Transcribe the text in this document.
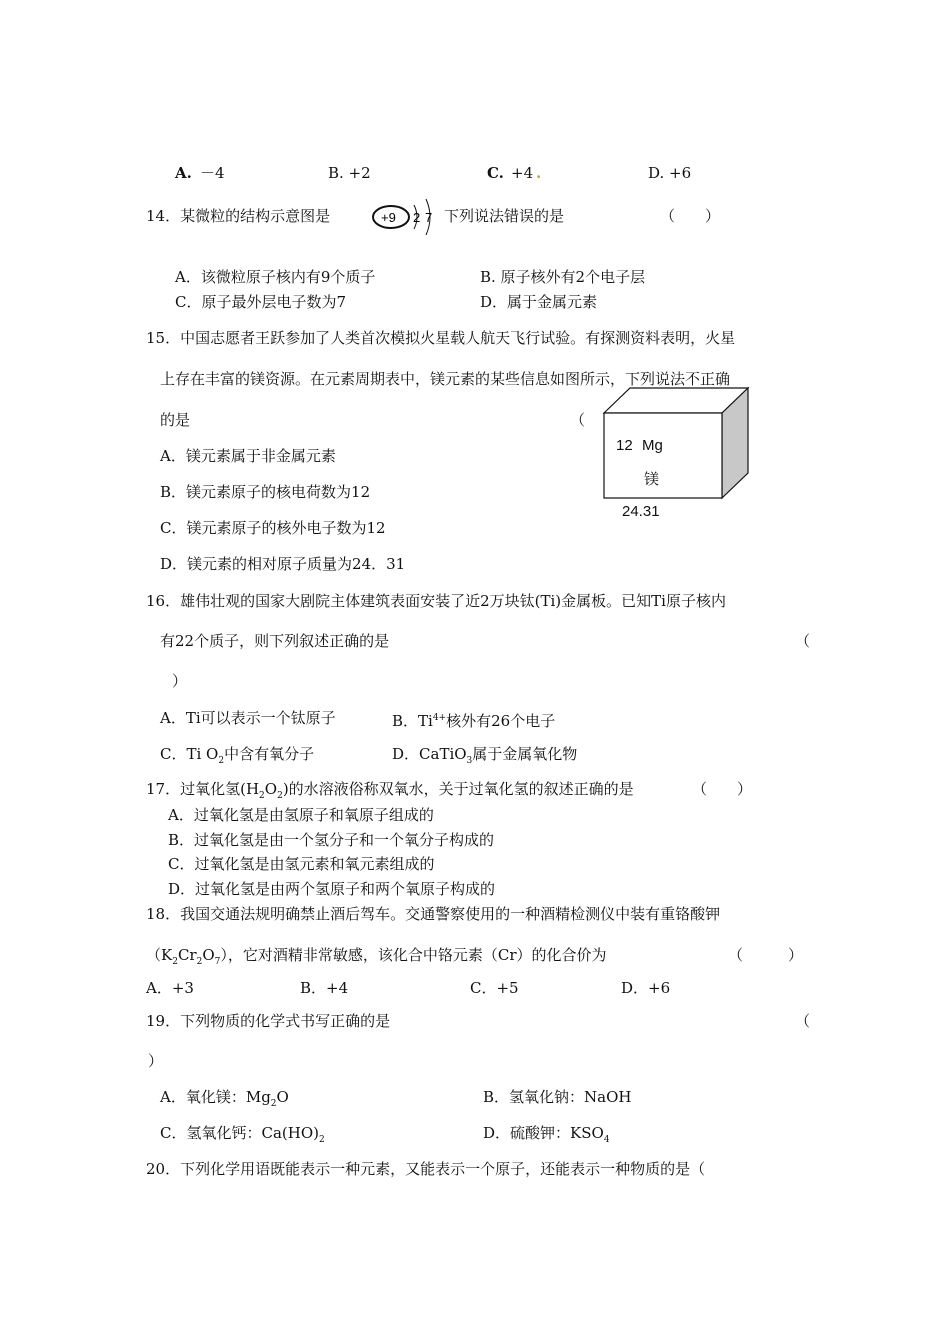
A. －4	B. +2	C. +4 .	D. +6
14．某微粒的结构示意图是	+9 2 7 下列说法错误的是	（　　）
A．该微粒原子核内有9个质子	B. 原子核外有2个电子层
C．原子最外层电子数为7	D．属于金属元素
15．中国志愿者王跃参加了人类首次模拟火星载人航天飞行试验。有探测资料表明，火星
上存在丰富的镁资源。在元素周期表中，镁元素的某些信息如图所示，下列说法不正确
的是	（
12 Mg
镁
24.31
A．镁元素属于非金属元素
B．镁元素原子的核电荷数为12
C．镁元素原子的核外电子数为12
D．镁元素的相对原子质量为24．31
16．雄伟壮观的国家大剧院主体建筑表面安装了近2万块钛(Ti)金属板。已知Ti原子核内
有22个质子，则下列叙述正确的是	（
）
A．Ti可以表示一个钛原子	B．$Ti^{4+}$核外有26个电子
C．Ti $O_2$中含有氧分子	D．CaTiO$_3$属于金属氧化物
17．过氧化氢$(H_2O_2)$的水溶液俗称双氧水，关于过氧化氢的叙述正确的是	（　　）
A．过氧化氢是由氢原子和氧原子组成的
B．过氧化氢是由一个氢分子和一个氧分子构成的
C．过氧化氢是由氢元素和氧元素组成的
D．过氧化氢是由两个氢原子和两个氧原子构成的
18．我国交通法规明确禁止酒后驾车。交通警察使用的一种酒精检测仪中装有重铬酸钾
$(K_2Cr_2O_7)$，它对酒精非常敏感，该化合中铬元素（Cr）的化合价为	（　　　）
A．+3	B．+4	C．+5	D．+6
19．下列物质的化学式书写正确的是	（
）
A．氧化镁：$Mg_2O$	B．氢氧化钠：NaOH
C．氢氧化钙：$Ca(HO)_2$	D．硫酸钾：$KSO_4$
20．下列化学用语既能表示一种元素，又能表示一个原子，还能表示一种物质的是（
